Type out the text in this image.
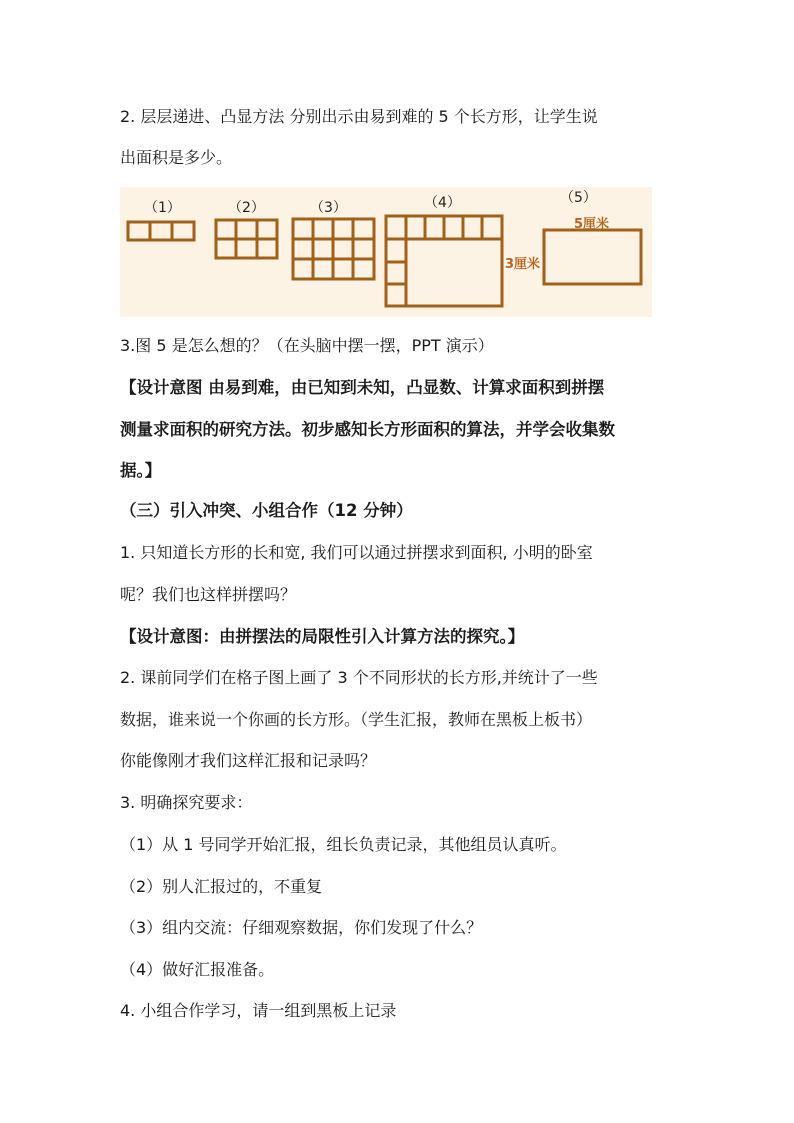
2. 层层递进、凸显方法 分别出示由易到难的 5 个长方形，让学生说
出面积是多少。
（1）	（2）	（3）	（4）	（5）
5厘米
3厘米
3.图 5 是怎么想的？（在头脑中摆一摆，PPT 演示）
【设计意图 由易到难，由已知到未知，凸显数、计算求面积到拼摆
测量求面积的研究方法。初步感知长方形面积的算法，并学会收集数
据。】
（三）引入冲突、小组合作（12 分钟）
1. 只知道长方形的长和宽, 我们可以通过拼摆求到面积, 小明的卧室
呢？我们也这样拼摆吗？
【设计意图：由拼摆法的局限性引入计算方法的探究。】
2. 课前同学们在格子图上画了 3 个不同形状的长方形,并统计了一些
数据，谁来说一个你画的长方形。（学生汇报，教师在黑板上板书）
你能像刚才我们这样汇报和记录吗？
3. 明确探究要求：
（1）从 1 号同学开始汇报，组长负责记录，其他组员认真听。
（2）别人汇报过的，不重复
（3）组内交流：仔细观察数据，你们发现了什么？
（4）做好汇报准备。
4. 小组合作学习，请一组到黑板上记录
